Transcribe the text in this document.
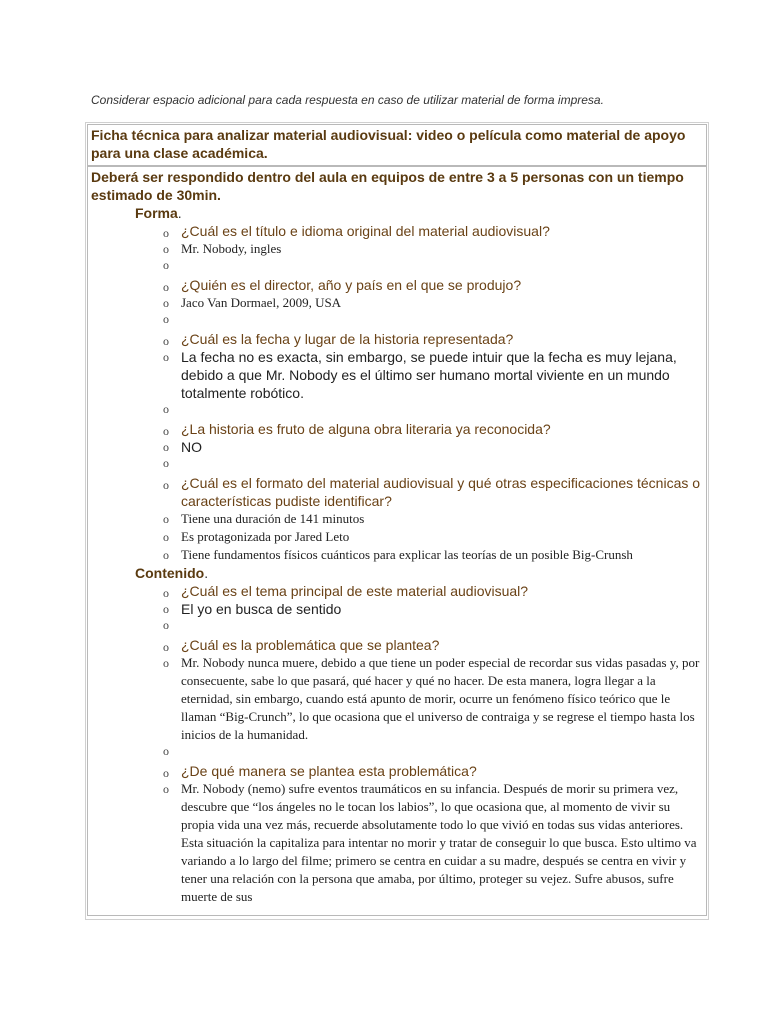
Considerar espacio adicional para cada respuesta en caso de utilizar material de forma impresa.
Ficha técnica para analizar material audiovisual: video o película como material de apoyo para una clase académica.
Deberá ser respondido dentro del aula en equipos de entre 3 a 5 personas con un tiempo estimado de 30min.
Forma.
o ¿Cuál es el título e idioma original del material audiovisual?
o Mr. Nobody, ingles
o
o ¿Quién es el director, año y país en el que se produjo?
o Jaco Van Dormael, 2009, USA
o
o ¿Cuál es la fecha y lugar de la historia representada?
o La fecha no es exacta, sin embargo, se puede intuir que la fecha es muy lejana, debido a que Mr. Nobody es el último ser humano mortal viviente en un mundo totalmente robótico.
o
o ¿La historia es fruto de alguna obra literaria ya reconocida?
o NO
o
o ¿Cuál es el formato del material audiovisual y qué otras especificaciones técnicas o características pudiste identificar?
o Tiene una duración de 141 minutos
o Es protagonizada por Jared Leto
o Tiene fundamentos físicos cuánticos para explicar las teorías de un posible Big-Crunsh
Contenido.
o ¿Cuál es el tema principal de este material audiovisual?
o El yo en busca de sentido
o
o ¿Cuál es la problemática que se plantea?
o Mr. Nobody nunca muere, debido a que tiene un poder especial de recordar sus vidas pasadas y, por consecuente, sabe lo que pasará, qué hacer y qué no hacer. De esta manera, logra llegar a la eternidad, sin embargo, cuando está apunto de morir, ocurre un fenómeno físico teórico que le llaman “Big-Crunch”, lo que ocasiona que el universo de contraiga y se regrese el tiempo hasta los inicios de la humanidad.
o
o ¿De qué manera se plantea esta problemática?
o Mr. Nobody (nemo) sufre eventos traumáticos en su infancia. Después de morir su primera vez, descubre que “los ángeles no le tocan los labios”, lo que ocasiona que, al momento de vivir su propia vida una vez más, recuerde absolutamente todo lo que vivió en todas sus vidas anteriores. Esta situación la capitaliza para intentar no morir y tratar de conseguir lo que busca. Esto ultimo va variando a lo largo del filme; primero se centra en cuidar a su madre, después se centra en vivir y tener una relación con la persona que amaba, por último, proteger su vejez. Sufre abusos, sufre muerte de sus
